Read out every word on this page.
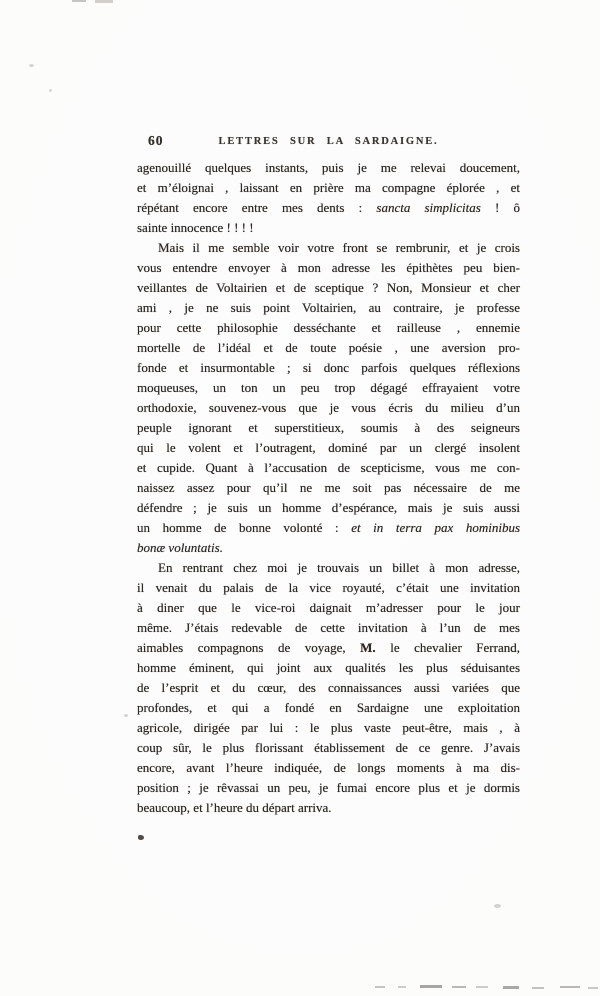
60	LETTRES SUR LA SARDAIGNE.
agenouillé quelques instants, puis je me relevai doucement,
et m’éloignai , laissant en prière ma compagne éplorée , et
répétant encore entre mes dents : sancta simplicitas ! ô
sainte innocence ! ! ! !
Mais il me semble voir votre front se rembrunir, et je crois
vous entendre envoyer à mon adresse les épithètes peu bien-
veillantes de Voltairien et de sceptique ? Non, Monsieur et cher
ami , je ne suis point Voltairien, au contraire, je professe
pour cette philosophie desséchante et railleuse , ennemie
mortelle de l’idéal et de toute poésie , une aversion pro-
fonde et insurmontable ; si donc parfois quelques réflexions
moqueuses, un ton un peu trop dégagé effrayaient votre
orthodoxie, souvenez-vous que je vous écris du milieu d’un
peuple ignorant et superstitieux, soumis à des seigneurs
qui le volent et l’outragent, dominé par un clergé insolent
et cupide. Quant à l’accusation de scepticisme, vous me con-
naissez assez pour qu’il ne me soit pas nécessaire de me
défendre ; je suis un homme d’espérance, mais je suis aussi
un homme de bonne volonté : et in terra pax hominibus
bonæ voluntatis.
En rentrant chez moi je trouvais un billet à mon adresse,
il venait du palais de la vice royauté, c’était une invitation
à diner que le vice-roi daignait m’adresser pour le jour
même. J’étais redevable de cette invitation à l’un de mes
aimables compagnons de voyage, M. le chevalier Ferrand,
homme éminent, qui joint aux qualités les plus séduisantes
de l’esprit et du cœur, des connaissances aussi variées que
profondes, et qui a fondé en Sardaigne une exploitation
agricole, dirigée par lui : le plus vaste peut-être, mais , à
coup sûr, le plus florissant établissement de ce genre. J’avais
encore, avant l’heure indiquée, de longs moments à ma dis-
position ; je rêvassai un peu, je fumai encore plus et je dormis
beaucoup, et l’heure du départ arriva.
